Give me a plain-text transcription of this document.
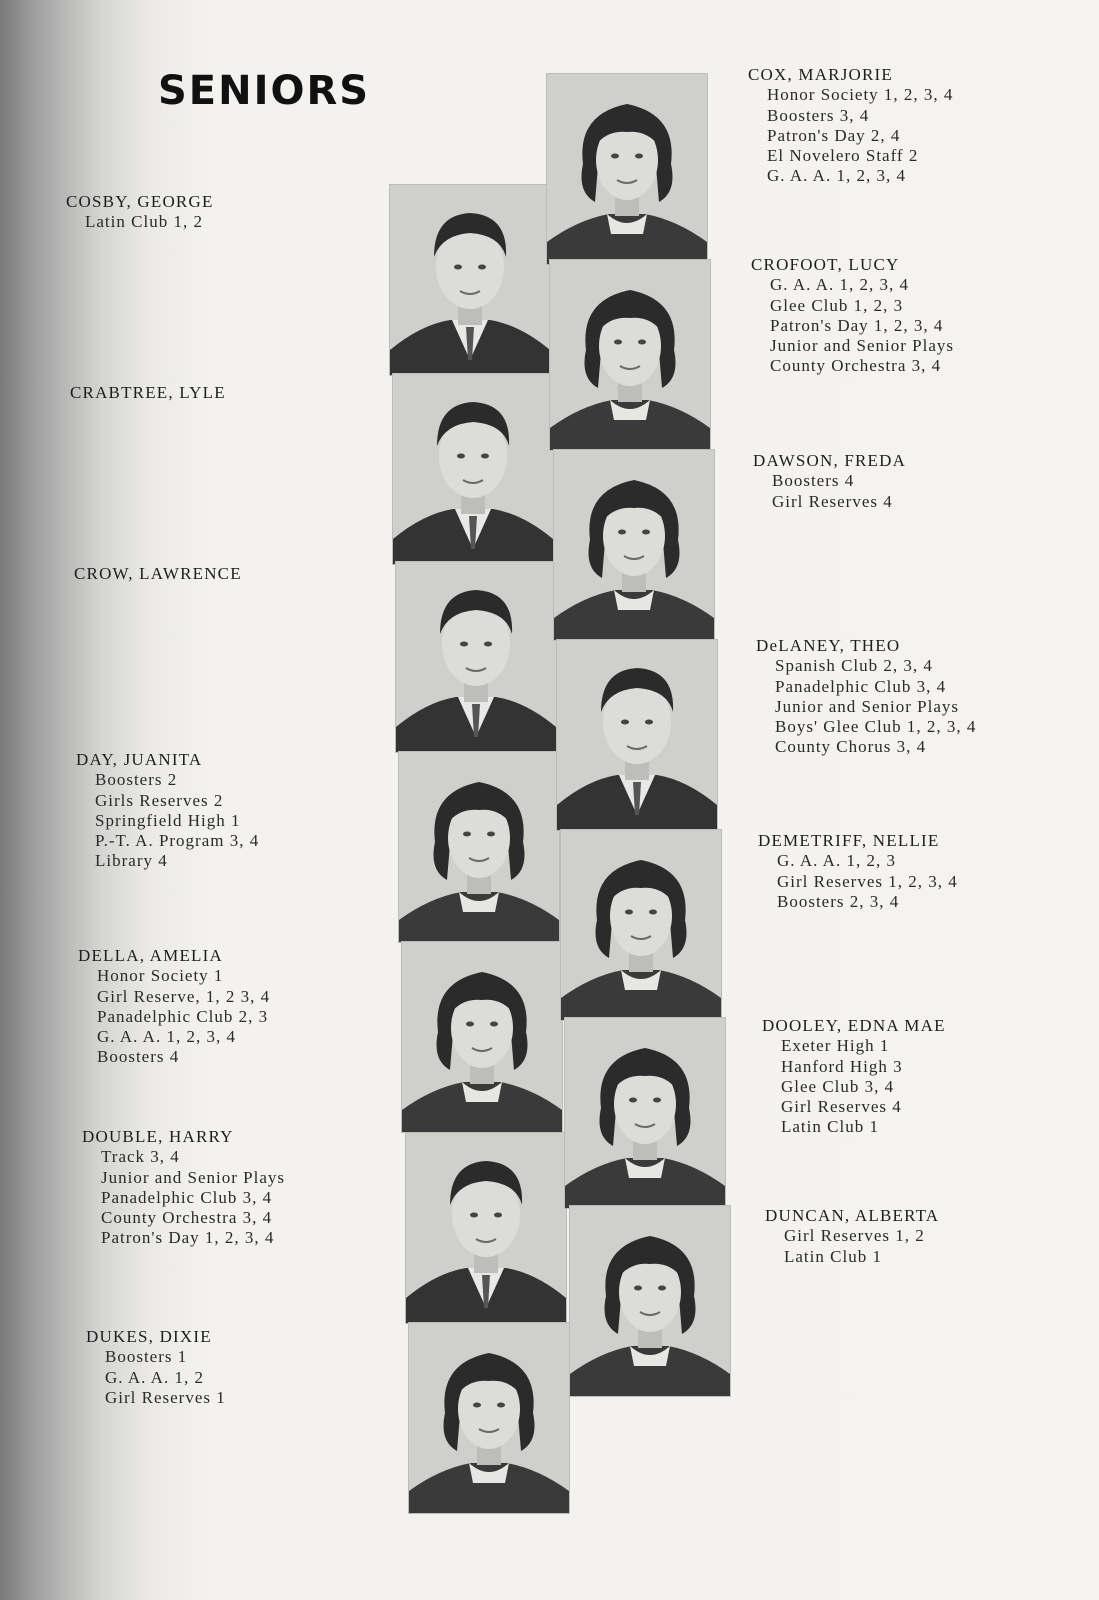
SENIORS
COSBY, GEORGE
Latin Club 1, 2
CRABTREE, LYLE
CROW, LAWRENCE
DAY, JUANITA
Boosters 2
Girls Reserves 2
Springfield High 1
P.-T. A. Program 3, 4
Library 4
DELLA, AMELIA
Honor Society 1
Girl Reserve, 1, 2 3, 4
Panadelphic Club 2, 3
G. A. A. 1, 2, 3, 4
Boosters 4
DOUBLE, HARRY
Track 3, 4
Junior and Senior Plays
Panadelphic Club 3, 4
County Orchestra 3, 4
Patron's Day 1, 2, 3, 4
DUKES, DIXIE
Boosters 1
G. A. A. 1, 2
Girl Reserves 1
COX, MARJORIE
Honor Society 1, 2, 3, 4
Boosters 3, 4
Patron's Day 2, 4
El Novelero Staff 2
G. A. A. 1, 2, 3, 4
CROFOOT, LUCY
G. A. A. 1, 2, 3, 4
Glee Club 1, 2, 3
Patron's Day 1, 2, 3, 4
Junior and Senior Plays
County Orchestra 3, 4
DAWSON, FREDA
Boosters 4
Girl Reserves 4
DeLANEY, THEO
Spanish Club 2, 3, 4
Panadelphic Club 3, 4
Junior and Senior Plays
Boys' Glee Club 1, 2, 3, 4
County Chorus 3, 4
DEMETRIFF, NELLIE
G. A. A. 1, 2, 3
Girl Reserves 1, 2, 3, 4
Boosters 2, 3, 4
DOOLEY, EDNA MAE
Exeter High 1
Hanford High 3
Glee Club 3, 4
Girl Reserves 4
Latin Club 1
DUNCAN, ALBERTA
Girl Reserves 1, 2
Latin Club 1
